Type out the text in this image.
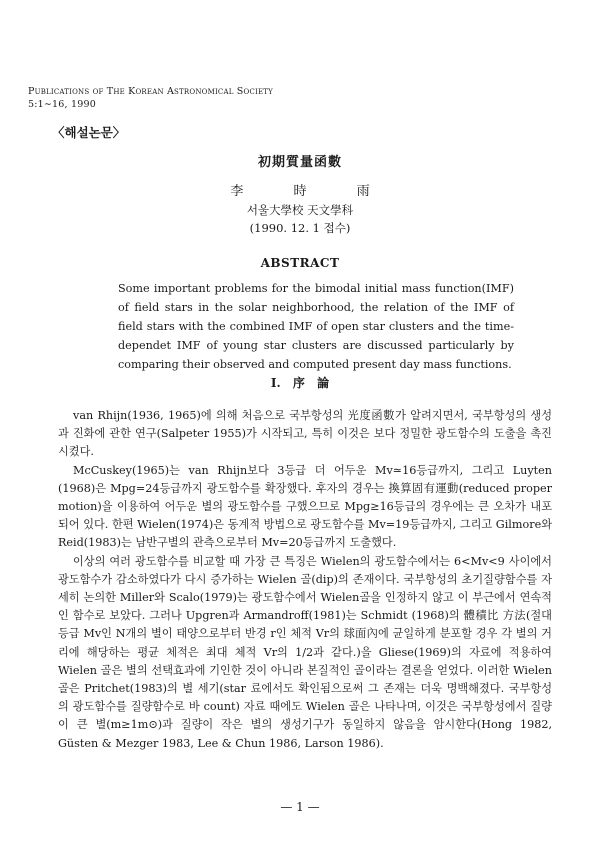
Publications of The Korean Astronomical Society
5:1∼16, 1990
〈해설논문〉
初期質量函數
李 時 雨
서울大學校 天文學科
(1990. 12. 1 접수)
ABSTRACT
Some important problems for the bimodal initial mass function(IMF) of field stars in the solar neighborhood, the relation of the IMF of field stars with the combined IMF of open star clusters and the time-dependet IMF of young star clusters are discussed particularly by comparing their observed and computed present day mass functions.
I. 序 論

van Rhijn(1936, 1965)에 의해 처음으로 국부항성의 光度函數가 알려지면서, 국부항성의 생성과 진화에 관한 연구(Salpeter 1955)가 시작되고, 특히 이것은 보다 정밀한 광도함수의 도출을 촉진시켰다.

McCuskey(1965)는 van Rhijn보다 3등급 더 어두운 Mv≃16등급까지, 그리고 Luyten (1968)은 Mpg=24등급까지 광도함수를 확장했다. 후자의 경우는 換算固有運動(reduced proper motion)을 이용하여 어두운 별의 광도함수를 구했으므로 Mpg≥16등급의 경우에는 큰 오차가 내포되어 있다. 한편 Wielen(1974)은 동계적 방법으로 광도함수를 Mv=19등급까지, 그리고 Gilmore와 Reid(1983)는 남반구별의 관측으로부터 Mv=20등급까지 도출했다.

이상의 여러 광도함수를 비교할 때 가장 큰 특징은 Wielen의 광도함수에서는 6<Mv<9 사이에서 광도함수가 감소하였다가 다시 증가하는 Wielen 골(dip)의 존재이다. 국부항성의 초기질량함수를 자세히 논의한 Miller와 Scalo(1979)는 광도함수에서 Wielen골을 인정하지 않고 이 부근에서 연속적인 함수로 보았다. 그러나 Upgren과 Armandroff(1981)는 Schmidt (1968)의 體積比 方法(절대등급 Mv인 N개의 별이 태양으로부터 반경 r인 체적 Vr의 球面內에 균일하게 분포할 경우 각 별의 거리에 해당하는 평균 체적은 최대 체적 Vr의 1/2과 같다.)을 Gliese(1969)의 자료에 적용하여 Wielen 골은 별의 선택효과에 기인한 것이 아니라 본질적인 골이라는 결론을 얻었다. 이러한 Wielen 골은 Pritchet(1983)의 별 세기(star 료에서도 확인됨으로써 그 존재는 더욱 명백해졌다. 국부항성의 광도함수를 질량함수로 바 count) 자료 때에도 Wielen 골은 나타나며, 이것은 국부항성에서 질량이 큰 별(m≥1m⊙)과 질량이 작은 별의 생성기구가 동일하지 않음을 암시한다(Hong 1982, Güsten & Mezger 1983, Lee & Chun 1986, Larson 1986).

— 1 —
